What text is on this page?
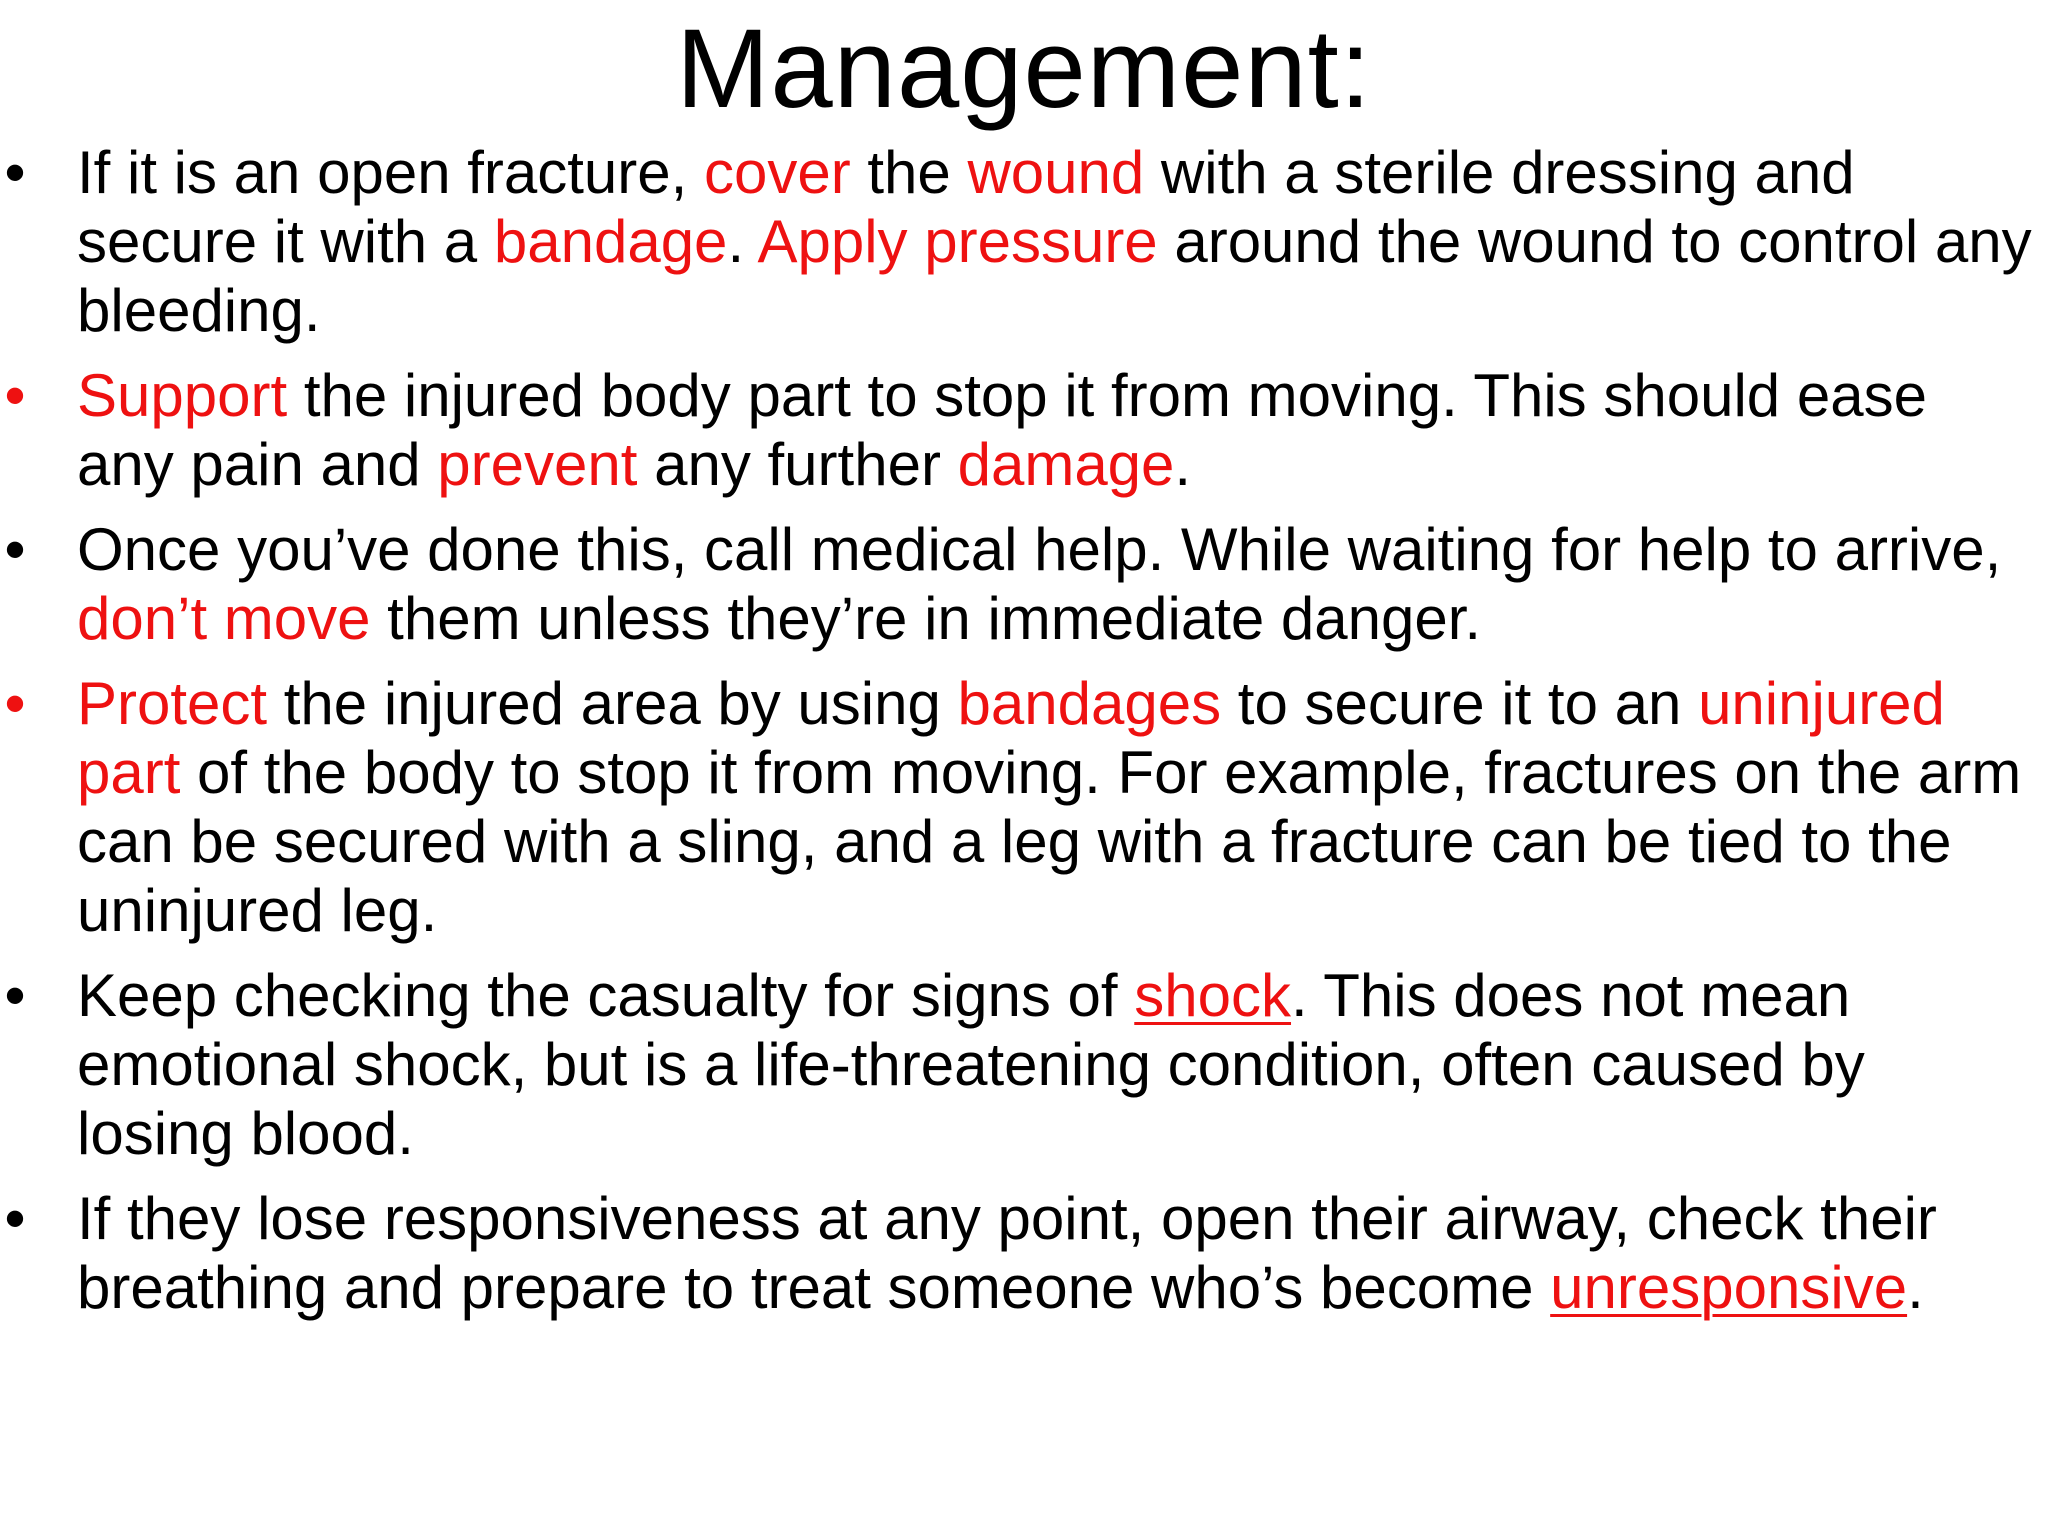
Management:
• If it is an open fracture, cover the wound with a sterile dressing and secure it with a bandage. Apply pressure around the wound to control any bleeding.
• Support the injured body part to stop it from moving. This should ease any pain and prevent any further damage.
• Once you’ve done this, call medical help. While waiting for help to arrive, don’t move them unless they’re in immediate danger.
• Protect the injured area by using bandages to secure it to an uninjured part of the body to stop it from moving. For example, fractures on the arm can be secured with a sling, and a leg with a fracture can be tied to the uninjured leg.
• Keep checking the casualty for signs of shock. This does not mean emotional shock, but is a life-threatening condition, often caused by losing blood.
• If they lose responsiveness at any point, open their airway, check their breathing and prepare to treat someone who’s become unresponsive.
